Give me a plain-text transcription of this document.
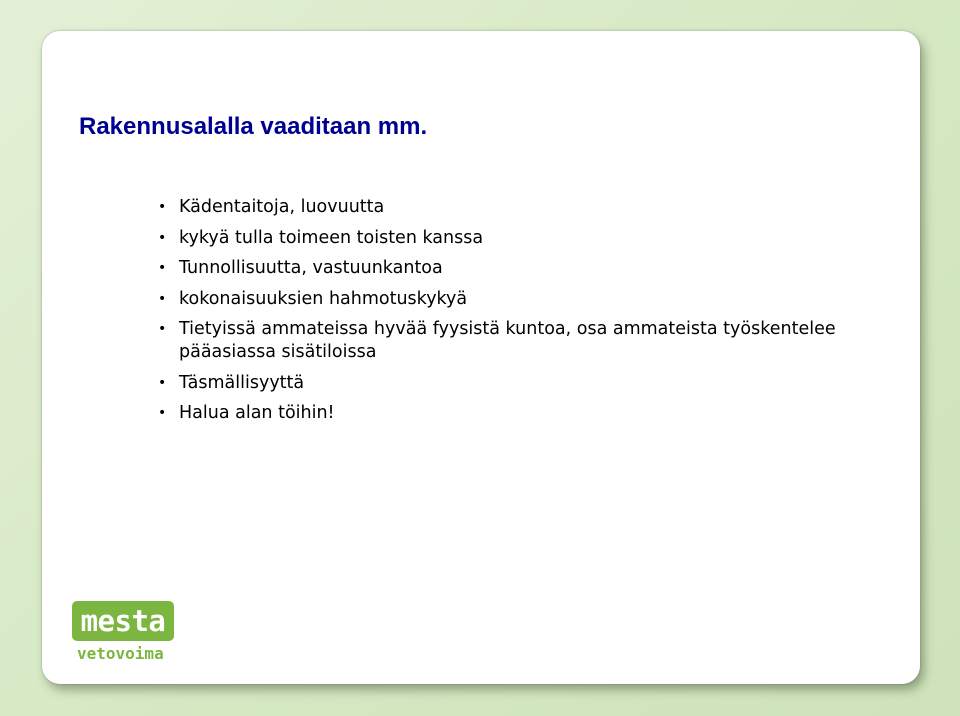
Rakennusalalla vaaditaan mm.
• Kädentaitoja, luovuutta
• kykyä tulla toimeen toisten kanssa
• Tunnollisuutta, vastuunkantoa
• kokonaisuuksien hahmotuskykyä
• Tietyissä ammateissa hyvää fyysistä kuntoa, osa ammateista työskentelee pääasiassa sisätiloissa
• Täsmällisyyttä
• Halua alan töihin!
mesta
vetovoima
